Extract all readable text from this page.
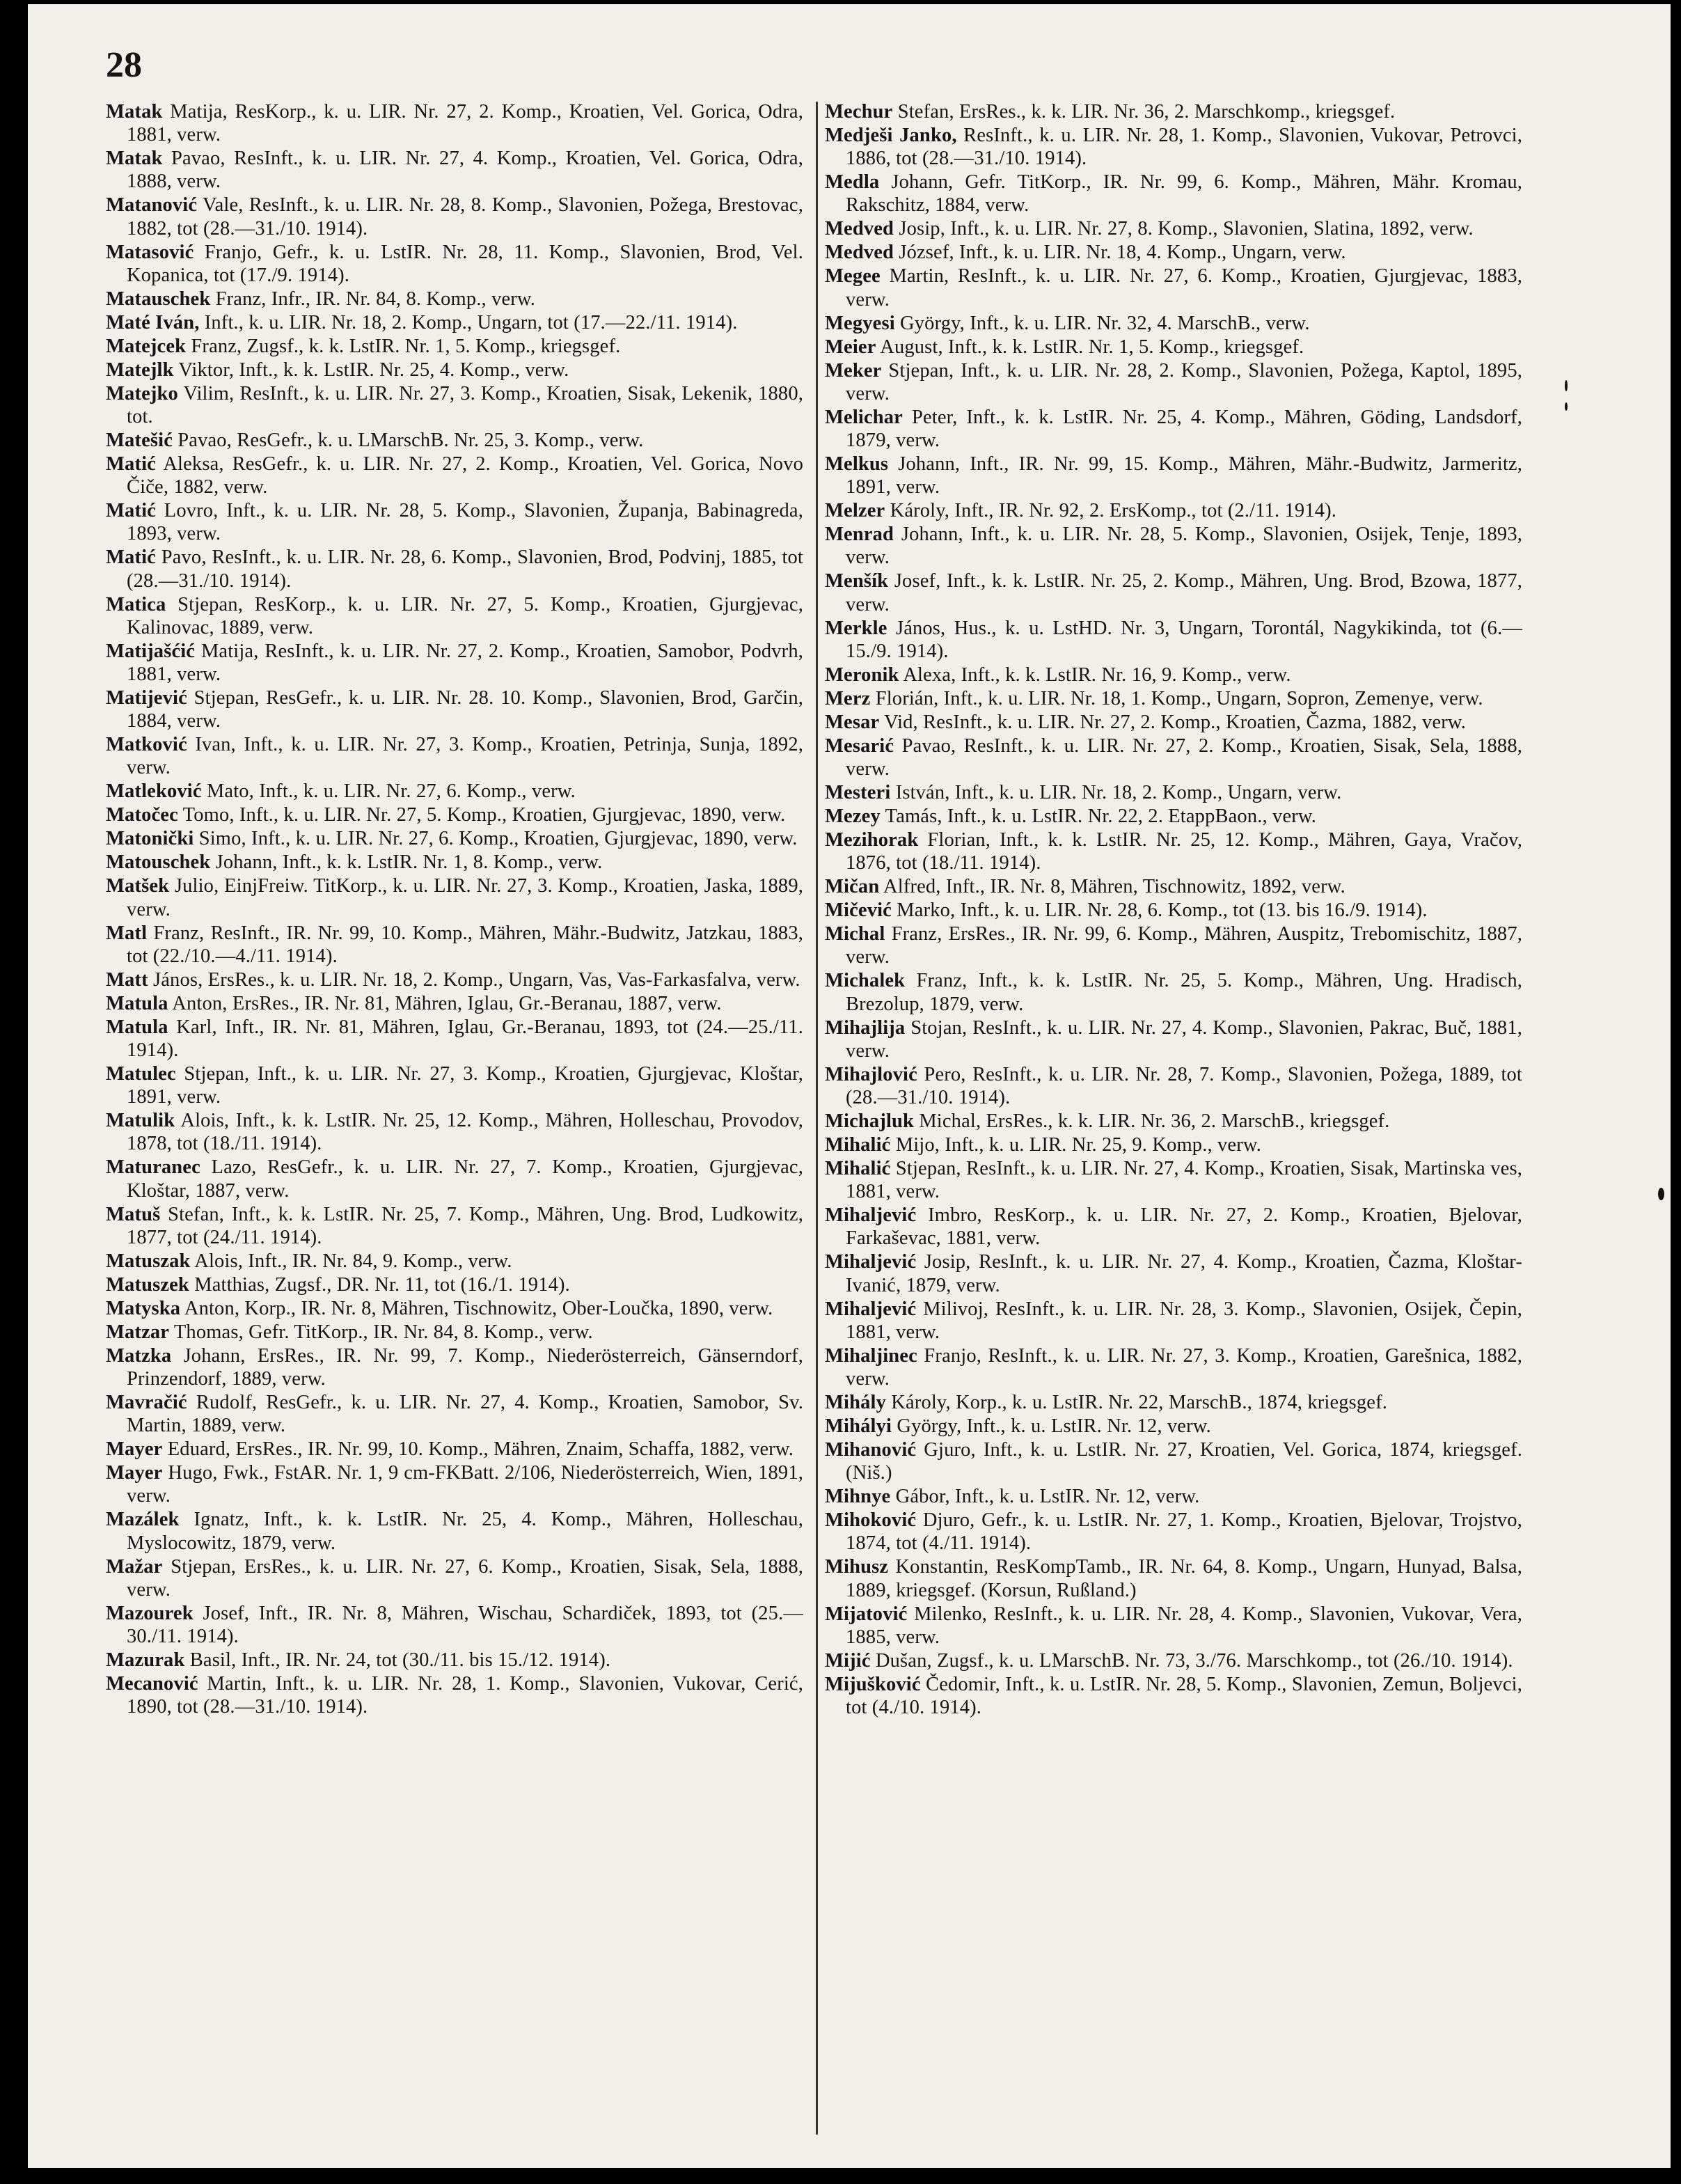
28

Matak Matija, ResKorp., k. u. LIR. Nr. 27, 2. Komp., Kroatien, Vel. Gorica, Odra, 1881, verw.

Matak Pavao, ResInft., k. u. LIR. Nr. 27, 4. Komp., Kroatien, Vel. Gorica, Odra, 1888, verw.

Matanović Vale, ResInft., k. u. LIR. Nr. 28, 8. Komp., Slavonien, Požega, Brestovac, 1882, tot (28.—31./10. 1914).

Matasović Franjo, Gefr., k. u. LstIR. Nr. 28, 11. Komp., Slavonien, Brod, Vel. Kopanica, tot (17./9. 1914).

Matauschek Franz, Infr., IR. Nr. 84, 8. Komp., verw.

Maté Iván, Inft., k. u. LIR. Nr. 18, 2. Komp., Ungarn, tot (17.—22./11. 1914).

Matejcek Franz, Zugsf., k. k. LstIR. Nr. 1, 5. Komp., kriegsgef.

Matejlk Viktor, Inft., k. k. LstIR. Nr. 25, 4. Komp., verw.

Matejko Vilim, ResInft., k. u. LIR. Nr. 27, 3. Komp., Kroatien, Sisak, Lekenik, 1880, tot.

Matešić Pavao, ResGefr., k. u. LMarschB. Nr. 25, 3. Komp., verw.

Matić Aleksa, ResGefr., k. u. LIR. Nr. 27, 2. Komp., Kroatien, Vel. Gorica, Novo Čiče, 1882, verw.

Matić Lovro, Inft., k. u. LIR. Nr. 28, 5. Komp., Slavonien, Županja, Babinagreda, 1893, verw.

Matić Pavo, ResInft., k. u. LIR. Nr. 28, 6. Komp., Slavonien, Brod, Podvinj, 1885, tot (28.—31./10. 1914).

Matica Stjepan, ResKorp., k. u. LIR. Nr. 27, 5. Komp., Kroatien, Gjurgjevac, Kalinovac, 1889, verw.

Matijašćić Matija, ResInft., k. u. LIR. Nr. 27, 2. Komp., Kroatien, Samobor, Podvrh, 1881, verw.

Matijević Stjepan, ResGefr., k. u. LIR. Nr. 28. 10. Komp., Slavonien, Brod, Garčin, 1884, verw.

Matković Ivan, Inft., k. u. LIR. Nr. 27, 3. Komp., Kroatien, Petrinja, Sunja, 1892, verw.

Matleković Mato, Inft., k. u. LIR. Nr. 27, 6. Komp., verw.

Matočec Tomo, Inft., k. u. LIR. Nr. 27, 5. Komp., Kroatien, Gjurgjevac, 1890, verw.

Matonički Simo, Inft., k. u. LIR. Nr. 27, 6. Komp., Kroatien, Gjurgjevac, 1890, verw.

Matouschek Johann, Inft., k. k. LstIR. Nr. 1, 8. Komp., verw.

Matšek Julio, EinjFreiw. TitKorp., k. u. LIR. Nr. 27, 3. Komp., Kroatien, Jaska, 1889, verw.

Matl Franz, ResInft., IR. Nr. 99, 10. Komp., Mähren, Mähr.-Budwitz, Jatzkau, 1883, tot (22./10.—4./11. 1914).

Matt János, ErsRes., k. u. LIR. Nr. 18, 2. Komp., Ungarn, Vas, Vas-Farkasfalva, verw.

Matula Anton, ErsRes., IR. Nr. 81, Mähren, Iglau, Gr.-Beranau, 1887, verw.

Matula Karl, Inft., IR. Nr. 81, Mähren, Iglau, Gr.-Beranau, 1893, tot (24.—25./11. 1914).

Matulec Stjepan, Inft., k. u. LIR. Nr. 27, 3. Komp., Kroatien, Gjurgjevac, Kloštar, 1891, verw.

Matulik Alois, Inft., k. k. LstIR. Nr. 25, 12. Komp., Mähren, Holleschau, Provodov, 1878, tot (18./11. 1914).

Maturanec Lazo, ResGefr., k. u. LIR. Nr. 27, 7. Komp., Kroatien, Gjurgjevac, Kloštar, 1887, verw.

Matuš Stefan, Inft., k. k. LstIR. Nr. 25, 7. Komp., Mähren, Ung. Brod, Ludkowitz, 1877, tot (24./11. 1914).

Matuszak Alois, Inft., IR. Nr. 84, 9. Komp., verw.

Matuszek Matthias, Zugsf., DR. Nr. 11, tot (16./1. 1914).

Matyska Anton, Korp., IR. Nr. 8, Mähren, Tischnowitz, Ober-Loučka, 1890, verw.

Matzar Thomas, Gefr. TitKorp., IR. Nr. 84, 8. Komp., verw.

Matzka Johann, ErsRes., IR. Nr. 99, 7. Komp., Niederösterreich, Gänserndorf, Prinzendorf, 1889, verw.

Mavračić Rudolf, ResGefr., k. u. LIR. Nr. 27, 4. Komp., Kroatien, Samobor, Sv. Martin, 1889, verw.

Mayer Eduard, ErsRes., IR. Nr. 99, 10. Komp., Mähren, Znaim, Schaffa, 1882, verw.

Mayer Hugo, Fwk., FstAR. Nr. 1, 9 cm-FKBatt. 2/106, Niederösterreich, Wien, 1891, verw.

Mazálek Ignatz, Inft., k. k. LstIR. Nr. 25, 4. Komp., Mähren, Holleschau, Myslocowitz, 1879, verw.

Mažar Stjepan, ErsRes., k. u. LIR. Nr. 27, 6. Komp., Kroatien, Sisak, Sela, 1888, verw.

Mazourek Josef, Inft., IR. Nr. 8, Mähren, Wischau, Schardiček, 1893, tot (25.—30./11. 1914).

Mazurak Basil, Inft., IR. Nr. 24, tot (30./11. bis 15./12. 1914).

Mecanović Martin, Inft., k. u. LIR. Nr. 28, 1. Komp., Slavonien, Vukovar, Cerić, 1890, tot (28.—31./10. 1914).

Mechur Stefan, ErsRes., k. k. LIR. Nr. 36, 2. Marschkomp., kriegsgef.

Medješi Janko, ResInft., k. u. LIR. Nr. 28, 1. Komp., Slavonien, Vukovar, Petrovci, 1886, tot (28.—31./10. 1914).

Medla Johann, Gefr. TitKorp., IR. Nr. 99, 6. Komp., Mähren, Mähr. Kromau, Rakschitz, 1884, verw.

Medved Josip, Inft., k. u. LIR. Nr. 27, 8. Komp., Slavonien, Slatina, 1892, verw.

Medved József, Inft., k. u. LIR. Nr. 18, 4. Komp., Ungarn, verw.

Megee Martin, ResInft., k. u. LIR. Nr. 27, 6. Komp., Kroatien, Gjurgjevac, 1883, verw.

Megyesi György, Inft., k. u. LIR. Nr. 32, 4. MarschB., verw.

Meier August, Inft., k. k. LstIR. Nr. 1, 5. Komp., kriegsgef.

Meker Stjepan, Inft., k. u. LIR. Nr. 28, 2. Komp., Slavonien, Požega, Kaptol, 1895, verw.

Melichar Peter, Inft., k. k. LstIR. Nr. 25, 4. Komp., Mähren, Göding, Landsdorf, 1879, verw.

Melkus Johann, Inft., IR. Nr. 99, 15. Komp., Mähren, Mähr.-Budwitz, Jarmeritz, 1891, verw.

Melzer Károly, Inft., IR. Nr. 92, 2. ErsKomp., tot (2./11. 1914).

Menrad Johann, Inft., k. u. LIR. Nr. 28, 5. Komp., Slavonien, Osijek, Tenje, 1893, verw.

Menšík Josef, Inft., k. k. LstIR. Nr. 25, 2. Komp., Mähren, Ung. Brod, Bzowa, 1877, verw.

Merkle János, Hus., k. u. LstHD. Nr. 3, Ungarn, Torontál, Nagykikinda, tot (6.—15./9. 1914).

Meronik Alexa, Inft., k. k. LstIR. Nr. 16, 9. Komp., verw.

Merz Florián, Inft., k. u. LIR. Nr. 18, 1. Komp., Ungarn, Sopron, Zemenye, verw.

Mesar Vid, ResInft., k. u. LIR. Nr. 27, 2. Komp., Kroatien, Čazma, 1882, verw.

Mesarić Pavao, ResInft., k. u. LIR. Nr. 27, 2. Komp., Kroatien, Sisak, Sela, 1888, verw.

Mesteri István, Inft., k. u. LIR. Nr. 18, 2. Komp., Ungarn, verw.

Mezey Tamás, Inft., k. u. LstIR. Nr. 22, 2. EtappBaon., verw.

Mezihorak Florian, Inft., k. k. LstIR. Nr. 25, 12. Komp., Mähren, Gaya, Vračov, 1876, tot (18./11. 1914).

Mičan Alfred, Inft., IR. Nr. 8, Mähren, Tischnowitz, 1892, verw.

Mičević Marko, Inft., k. u. LIR. Nr. 28, 6. Komp., tot (13. bis 16./9. 1914).

Michal Franz, ErsRes., IR. Nr. 99, 6. Komp., Mähren, Auspitz, Trebomischitz, 1887, verw.

Michalek Franz, Inft., k. k. LstIR. Nr. 25, 5. Komp., Mähren, Ung. Hradisch, Brezolup, 1879, verw.

Mihajlija Stojan, ResInft., k. u. LIR. Nr. 27, 4. Komp., Slavonien, Pakrac, Buč, 1881, verw.

Mihajlović Pero, ResInft., k. u. LIR. Nr. 28, 7. Komp., Slavonien, Požega, 1889, tot (28.—31./10. 1914).

Michajluk Michal, ErsRes., k. k. LIR. Nr. 36, 2. MarschB., kriegsgef.

Mihalić Mijo, Inft., k. u. LIR. Nr. 25, 9. Komp., verw.

Mihalić Stjepan, ResInft., k. u. LIR. Nr. 27, 4. Komp., Kroatien, Sisak, Martinska ves, 1881, verw.

Mihaljević Imbro, ResKorp., k. u. LIR. Nr. 27, 2. Komp., Kroatien, Bjelovar, Farkaševac, 1881, verw.

Mihaljević Josip, ResInft., k. u. LIR. Nr. 27, 4. Komp., Kroatien, Čazma, Kloštar-Ivanić, 1879, verw.

Mihaljević Milivoj, ResInft., k. u. LIR. Nr. 28, 3. Komp., Slavonien, Osijek, Čepin, 1881, verw.

Mihaljinec Franjo, ResInft., k. u. LIR. Nr. 27, 3. Komp., Kroatien, Garešnica, 1882, verw.

Mihály Károly, Korp., k. u. LstIR. Nr. 22, MarschB., 1874, kriegsgef.

Mihályi György, Inft., k. u. LstIR. Nr. 12, verw.

Mihanović Gjuro, Inft., k. u. LstIR. Nr. 27, Kroatien, Vel. Gorica, 1874, kriegsgef. (Niš.)

Mihnye Gábor, Inft., k. u. LstIR. Nr. 12, verw.

Mihoković Djuro, Gefr., k. u. LstIR. Nr. 27, 1. Komp., Kroatien, Bjelovar, Trojstvo, 1874, tot (4./11. 1914).

Mihusz Konstantin, ResKompTamb., IR. Nr. 64, 8. Komp., Ungarn, Hunyad, Balsa, 1889, kriegsgef. (Korsun, Rußland.)

Mijatović Milenko, ResInft., k. u. LIR. Nr. 28, 4. Komp., Slavonien, Vukovar, Vera, 1885, verw.

Mijić Dušan, Zugsf., k. u. LMarschB. Nr. 73, 3./76. Marschkomp., tot (26./10. 1914).

Mijušković Čedomir, Inft., k. u. LstIR. Nr. 28, 5. Komp., Slavonien, Zemun, Boljevci, tot (4./10. 1914).
